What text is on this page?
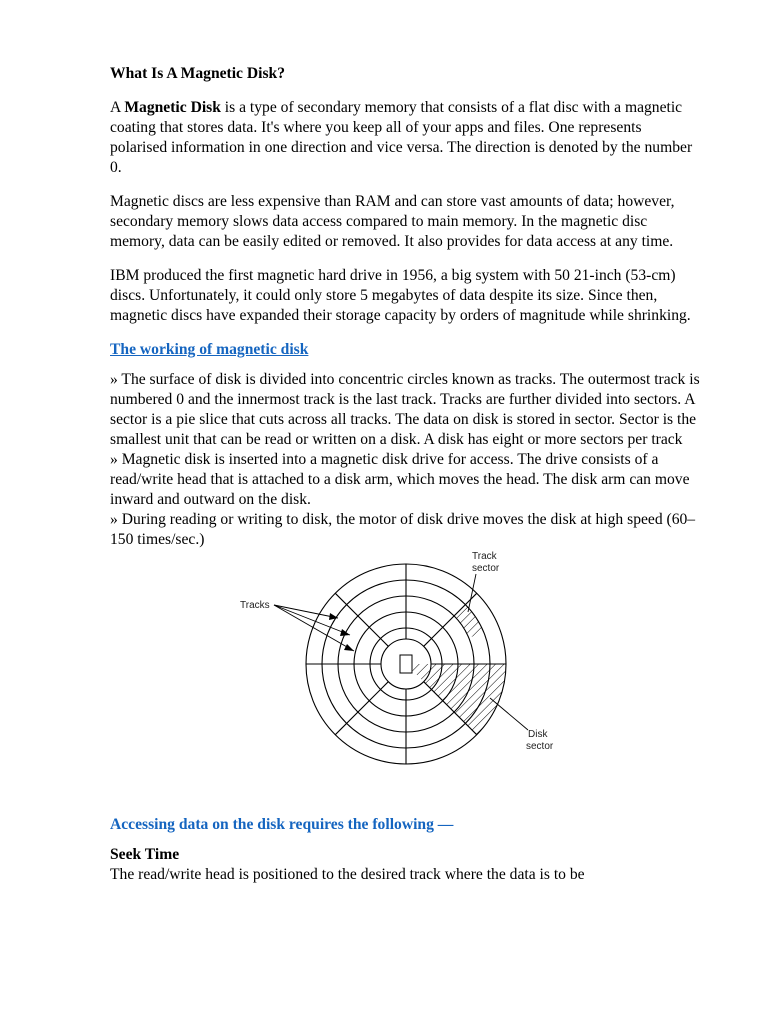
What Is A Magnetic Disk?

A Magnetic Disk is a type of secondary memory that consists of a flat disc with a magnetic coating that stores data. It's where you keep all of your apps and files. One represents polarised information in one direction and vice versa. The direction is denoted by the number 0.

Magnetic discs are less expensive than RAM and can store vast amounts of data; however, secondary memory slows data access compared to main memory. In the magnetic disc memory, data can be easily edited or removed. It also provides for data access at any time.

IBM produced the first magnetic hard drive in 1956, a big system with 50 21-inch (53-cm) discs. Unfortunately, it could only store 5 megabytes of data despite its size. Since then, magnetic discs have expanded their storage capacity by orders of magnitude while shrinking.

The working of magnetic disk

» The surface of disk is divided into concentric circles known as tracks. The outermost track is numbered 0 and the innermost track is the last track. Tracks are further divided into sectors. A sector is a pie slice that cuts across all tracks. The data on disk is stored in sector. Sector is the smallest unit that can be read or written on a disk. A disk has eight or more sectors per track

» Magnetic disk is inserted into a magnetic disk drive for access. The drive consists of a read/write head that is attached to a disk arm, which moves the head. The disk arm can move inward and outward on the disk.

» During reading or writing to disk, the motor of disk drive moves the disk at high speed (60–150 times/sec.)

Tracks
Track
sector
Disk
sector

Accessing data on the disk requires the following —

Seek Time

The read/write head is positioned to the desired track where the data is to be
